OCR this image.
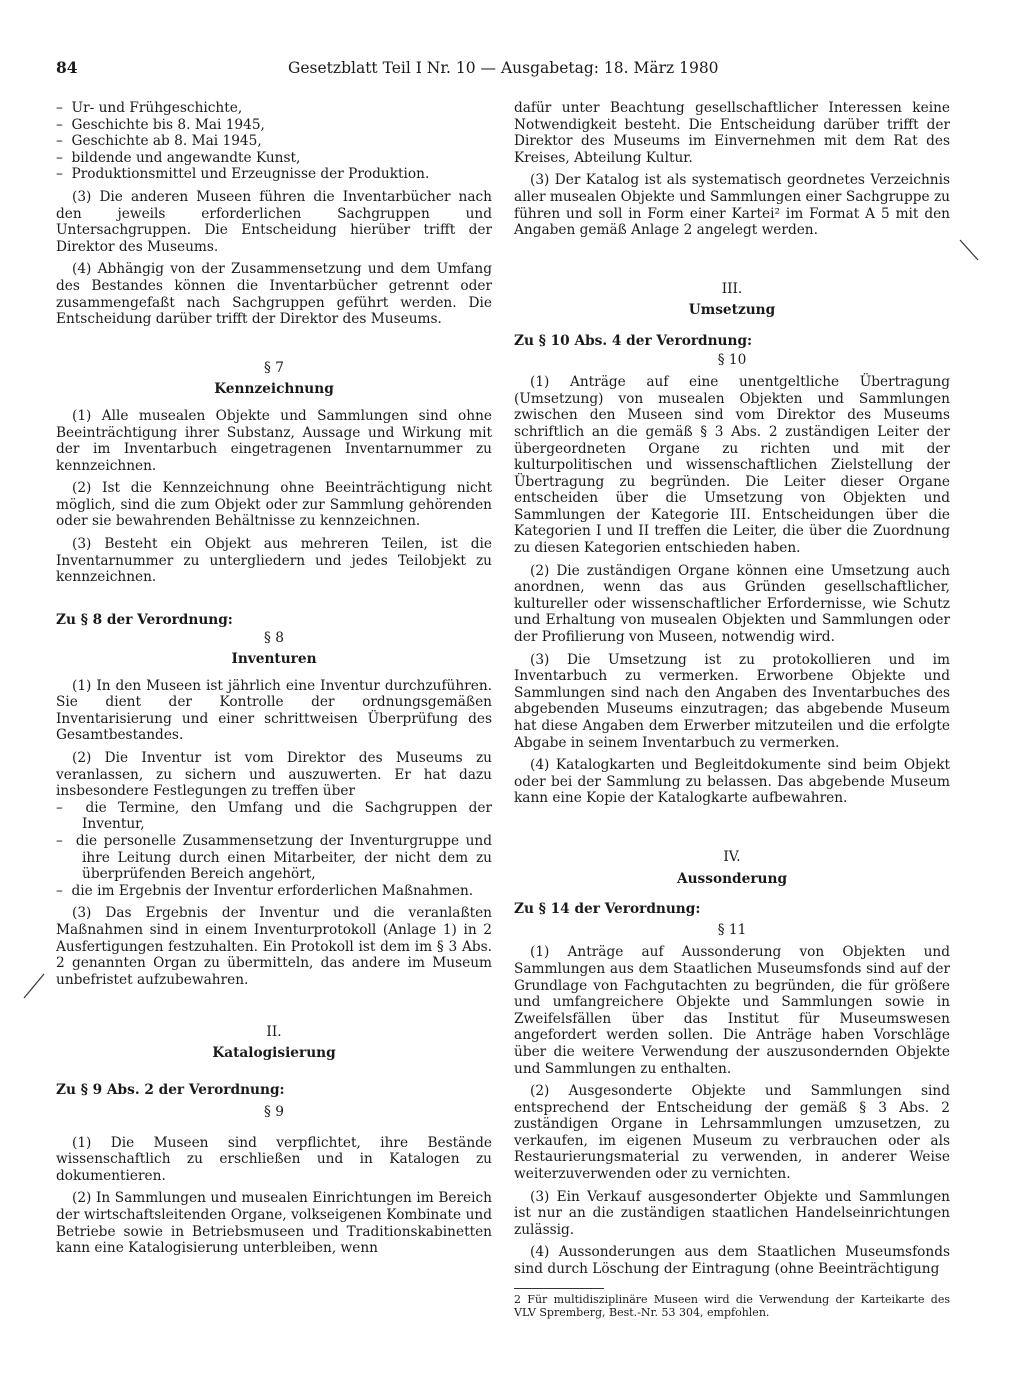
84	Gesetzblatt Teil I Nr. 10 — Ausgabetag: 18. März 1980

–  Ur- und Frühgeschichte,

–  Geschichte bis 8. Mai 1945,

–  Geschichte ab 8. Mai 1945,

–  bildende und angewandte Kunst,

–  Produktionsmittel und Erzeugnisse der Produktion.

(3) Die anderen Museen führen die Inventarbücher nach den jeweils erforderlichen Sachgruppen und Untersachgruppen. Die Entscheidung hierüber trifft der Direktor des Museums.

(4) Abhängig von der Zusammensetzung und dem Umfang des Bestandes können die Inventarbücher getrennt oder zusammengefaßt nach Sachgruppen geführt werden. Die Entscheidung darüber trifft der Direktor des Museums.

§ 7

Kennzeichnung

(1) Alle musealen Objekte und Sammlungen sind ohne Beeinträchtigung ihrer Substanz, Aussage und Wirkung mit der im Inventarbuch eingetragenen Inventarnummer zu kennzeichnen.

(2) Ist die Kennzeichnung ohne Beeinträchtigung nicht möglich, sind die zum Objekt oder zur Sammlung gehörenden oder sie bewahrenden Behältnisse zu kennzeichnen.

(3) Besteht ein Objekt aus mehreren Teilen, ist die Inventarnummer zu untergliedern und jedes Teilobjekt zu kennzeichnen.

Zu § 8 der Verordnung:

§ 8

Inventuren

(1) In den Museen ist jährlich eine Inventur durchzuführen. Sie dient der Kontrolle der ordnungsgemäßen Inventarisierung und einer schrittweisen Überprüfung des Gesamtbestandes.

(2) Die Inventur ist vom Direktor des Museums zu veranlassen, zu sichern und auszuwerten. Er hat dazu insbesondere Festlegungen zu treffen über

–  die Termine, den Umfang und die Sachgruppen der Inventur,

–  die personelle Zusammensetzung der Inventurgruppe und ihre Leitung durch einen Mitarbeiter, der nicht dem zu überprüfenden Bereich angehört,

–  die im Ergebnis der Inventur erforderlichen Maßnahmen.

(3) Das Ergebnis der Inventur und die veranlaßten Maßnahmen sind in einem Inventurprotokoll (Anlage 1) in 2 Ausfertigungen festzuhalten. Ein Protokoll ist dem im § 3 Abs. 2 genannten Organ zu übermitteln, das andere im Museum unbefristet aufzubewahren.

II.

Katalogisierung

Zu § 9 Abs. 2 der Verordnung:

§ 9

(1) Die Museen sind verpflichtet, ihre Bestände wissenschaftlich zu erschließen und in Katalogen zu dokumentieren.

(2) In Sammlungen und musealen Einrichtungen im Bereich der wirtschaftsleitenden Organe, volkseigenen Kombinate und Betriebe sowie in Betriebsmuseen und Traditionskabinetten kann eine Katalogisierung unterbleiben, wenn

dafür unter Beachtung gesellschaftlicher Interessen keine Notwendigkeit besteht. Die Entscheidung darüber trifft der Direktor des Museums im Einvernehmen mit dem Rat des Kreises, Abteilung Kultur.

(3) Der Katalog ist als systematisch geordnetes Verzeichnis aller musealen Objekte und Sammlungen einer Sachgruppe zu führen und soll in Form einer Kartei² im Format A 5 mit den Angaben gemäß Anlage 2 angelegt werden.

III.

Umsetzung

Zu § 10 Abs. 4 der Verordnung:

§ 10

(1) Anträge auf eine unentgeltliche Übertragung (Umsetzung) von musealen Objekten und Sammlungen zwischen den Museen sind vom Direktor des Museums schriftlich an die gemäß § 3 Abs. 2 zuständigen Leiter der übergeordneten Organe zu richten und mit der kulturpolitischen und wissenschaftlichen Zielstellung der Übertragung zu begründen. Die Leiter dieser Organe entscheiden über die Umsetzung von Objekten und Sammlungen der Kategorie III. Entscheidungen über die Kategorien I und II treffen die Leiter, die über die Zuordnung zu diesen Kategorien entschieden haben.

(2) Die zuständigen Organe können eine Umsetzung auch anordnen, wenn das aus Gründen gesellschaftlicher, kultureller oder wissenschaftlicher Erfordernisse, wie Schutz und Erhaltung von musealen Objekten und Sammlungen oder der Profilierung von Museen, notwendig wird.

(3) Die Umsetzung ist zu protokollieren und im Inventarbuch zu vermerken. Erworbene Objekte und Sammlungen sind nach den Angaben des Inventarbuches des abgebenden Museums einzutragen; das abgebende Museum hat diese Angaben dem Erwerber mitzuteilen und die erfolgte Abgabe in seinem Inventarbuch zu vermerken.

(4) Katalogkarten und Begleitdokumente sind beim Objekt oder bei der Sammlung zu belassen. Das abgebende Museum kann eine Kopie der Katalogkarte aufbewahren.

IV.

Aussonderung

Zu § 14 der Verordnung:

§ 11

(1) Anträge auf Aussonderung von Objekten und Sammlungen aus dem Staatlichen Museumsfonds sind auf der Grundlage von Fachgutachten zu begründen, die für größere und umfangreichere Objekte und Sammlungen sowie in Zweifelsfällen über das Institut für Museumswesen angefordert werden sollen. Die Anträge haben Vorschläge über die weitere Verwendung der auszusondernden Objekte und Sammlungen zu enthalten.

(2) Ausgesonderte Objekte und Sammlungen sind entsprechend der Entscheidung der gemäß § 3 Abs. 2 zuständigen Organe in Lehrsammlungen umzusetzen, zu verkaufen, im eigenen Museum zu verbrauchen oder als Restaurierungsmaterial zu verwenden, in anderer Weise weiterzuverwenden oder zu vernichten.

(3) Ein Verkauf ausgesonderter Objekte und Sammlungen ist nur an die zuständigen staatlichen Handelseinrichtungen zulässig.

(4) Aussonderungen aus dem Staatlichen Museumsfonds sind durch Löschung der Eintragung (ohne Beeinträchtigung

2 Für multidisziplinäre Museen wird die Verwendung der Karteikarte des VLV Spremberg, Best.-Nr. 53 304, empfohlen.
